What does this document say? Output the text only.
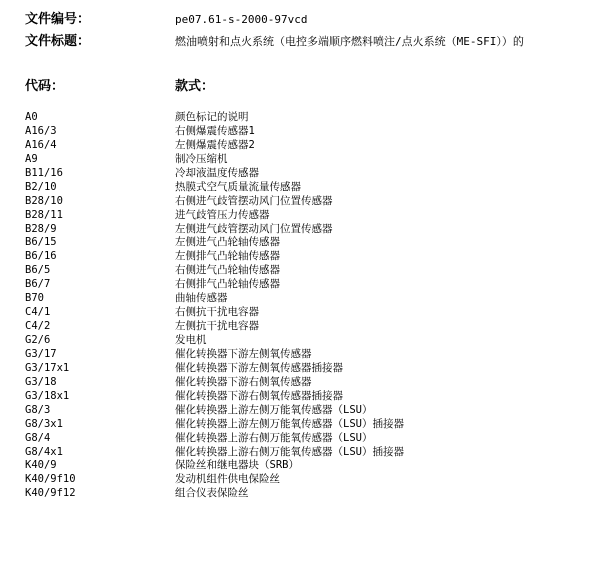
文件编号：	pe07.61-s-2000-97vcd
文件标题：	燃油喷射和点火系统（电控多端顺序燃料喷注/点火系统（ME-SFI））的
代码：	款式：
A0	颜色标记的说明
A16/3	右侧爆震传感器1
A16/4	左侧爆震传感器2
A9	制冷压缩机
B11/16	冷却液温度传感器
B2/10	热膜式空气质量流量传感器
B28/10	右侧进气歧管摆动风门位置传感器
B28/11	进气歧管压力传感器
B28/9	左侧进气歧管摆动风门位置传感器
B6/15	左侧进气凸轮轴传感器
B6/16	左侧排气凸轮轴传感器
B6/5	右侧进气凸轮轴传感器
B6/7	右侧排气凸轮轴传感器
B70	曲轴传感器
C4/1	右侧抗干扰电容器
C4/2	左侧抗干扰电容器
G2/6	发电机
G3/17	催化转换器下游左侧氧传感器
G3/17x1	催化转换器下游左侧氧传感器插接器
G3/18	催化转换器下游右侧氧传感器
G3/18x1	催化转换器下游右侧氧传感器插接器
G8/3	催化转换器上游左侧万能氧传感器（LSU）
G8/3x1	催化转换器上游左侧万能氧传感器（LSU）插接器
G8/4	催化转换器上游右侧万能氧传感器（LSU）
G8/4x1	催化转换器上游右侧万能氧传感器（LSU）插接器
K40/9	保险丝和继电器块（SRB）
K40/9f10	发动机组件供电保险丝
K40/9f12	组合仪表保险丝
